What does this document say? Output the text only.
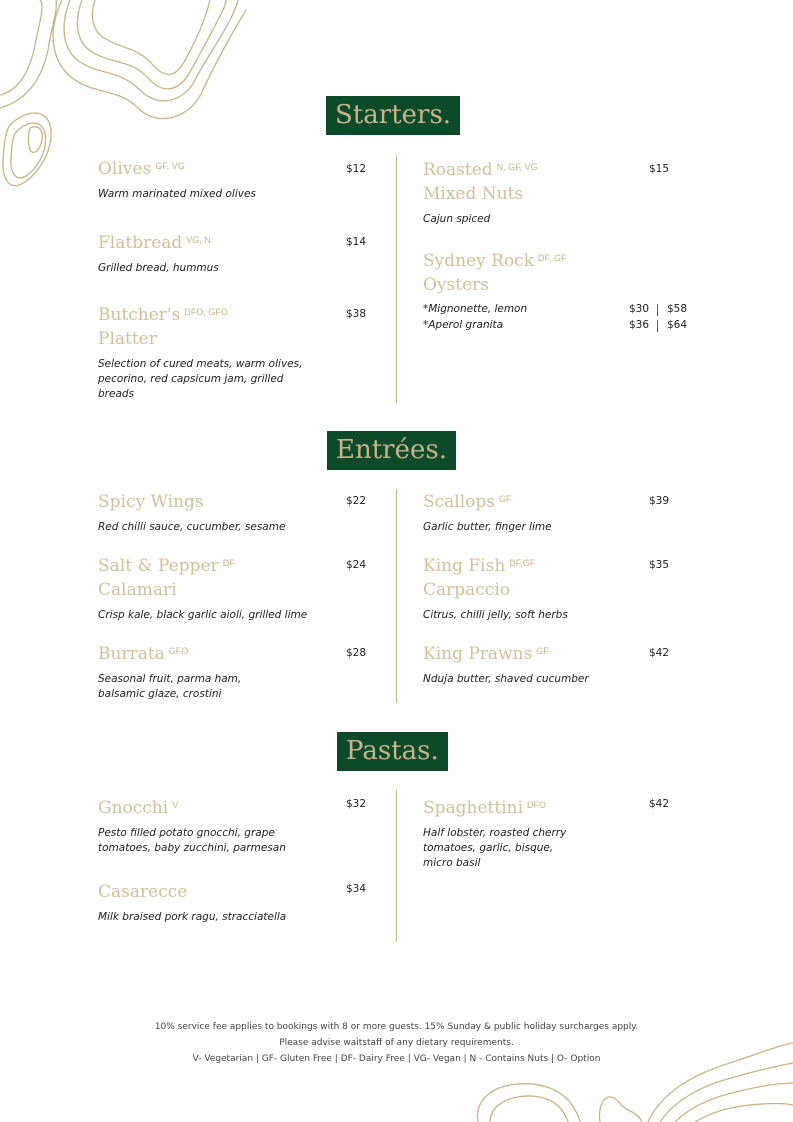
Starters.
Olives $^{GF, VG}$
Warm marinated mixed olives
$12
Flatbread $^{VG, N}$
Grilled bread, hummus
$14
Butcher's $^{DFO, GFO}$
Platter
Selection of cured meats, warm olives,
pecorino, red capsicum jam, grilled
breads
$38
Roasted $^{N, GF, VG}$
Mixed Nuts
Cajun spiced
$15
Sydney Rock $^{DF, GF}$
Oysters
*Mignonette, lemon	$30 $58
*Aperol granita	$36 $64
Entrées.
Spicy Wings
Red chilli sauce, cucumber, sesame
$22
Salt & Pepper $^{DF}$
Calamari
Crisp kale, black garlic aioli, grilled lime
$24
Burrata $^{GFO}$
Seasonal fruit, parma ham,
balsamic glaze, crostini
$28
Scallops $^{GF}$
Garlic butter, finger lime
$39
King Fish $^{DF,GF}$
Carpaccio
Citrus, chilli jelly, soft herbs
$35
King Prawns $^{GF}$
Nduja butter, shaved cucumber
$42
Pastas.
Gnocchi $^V$
Pesto filled potato gnocchi, grape
tomatoes, baby zucchini, parmesan
$32
Casarecce
Milk braised pork ragu, stracciatella
$34
Spaghettini $^{DFO}$
Half lobster, roasted cherry
tomatoes, garlic, bisque,
micro basil
$42
10% service fee applies to bookings with 8 or more guests. 15% Sunday & public holiday surcharges apply.
Please advise waitstaff of any dietary requirements.
V- Vegetarian | GF- Gluten Free | DF- Dairy Free | VG- Vegan | N - Contains Nuts | O- Option
